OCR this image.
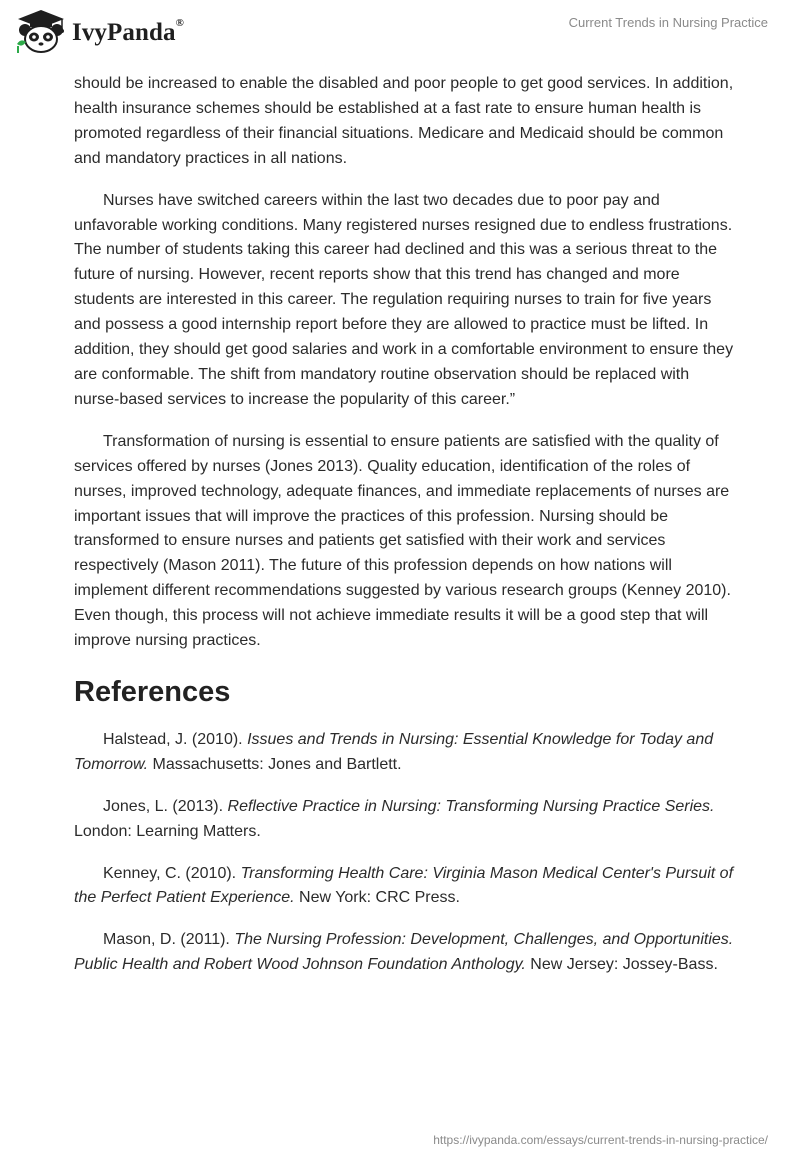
IvyPanda®	Current Trends in Nursing Practice

should be increased to enable the disabled and poor people to get good services. In addition, health insurance schemes should be established at a fast rate to ensure human health is promoted regardless of their financial situations. Medicare and Medicaid should be common and mandatory practices in all nations.

Nurses have switched careers within the last two decades due to poor pay and unfavorable working conditions. Many registered nurses resigned due to endless frustrations. The number of students taking this career had declined and this was a serious threat to the future of nursing. However, recent reports show that this trend has changed and more students are interested in this career. The regulation requiring nurses to train for five years and possess a good internship report before they are allowed to practice must be lifted. In addition, they should get good salaries and work in a comfortable environment to ensure they are conformable. The shift from mandatory routine observation should be replaced with nurse-based services to increase the popularity of this career.”

Transformation of nursing is essential to ensure patients are satisfied with the quality of services offered by nurses (Jones 2013). Quality education, identification of the roles of nurses, improved technology, adequate finances, and immediate replacements of nurses are important issues that will improve the practices of this profession. Nursing should be transformed to ensure nurses and patients get satisfied with their work and services respectively (Mason 2011). The future of this profession depends on how nations will implement different recommendations suggested by various research groups (Kenney 2010). Even though, this process will not achieve immediate results it will be a good step that will improve nursing practices.

References

Halstead, J. (2010). Issues and Trends in Nursing: Essential Knowledge for Today and Tomorrow. Massachusetts: Jones and Bartlett.

Jones, L. (2013). Reflective Practice in Nursing: Transforming Nursing Practice Series. London: Learning Matters.

Kenney, C. (2010). Transforming Health Care: Virginia Mason Medical Center's Pursuit of the Perfect Patient Experience. New York: CRC Press.

Mason, D. (2011). The Nursing Profession: Development, Challenges, and Opportunities. Public Health and Robert Wood Johnson Foundation Anthology. New Jersey: Jossey-Bass.

https://ivypanda.com/essays/current-trends-in-nursing-practice/
